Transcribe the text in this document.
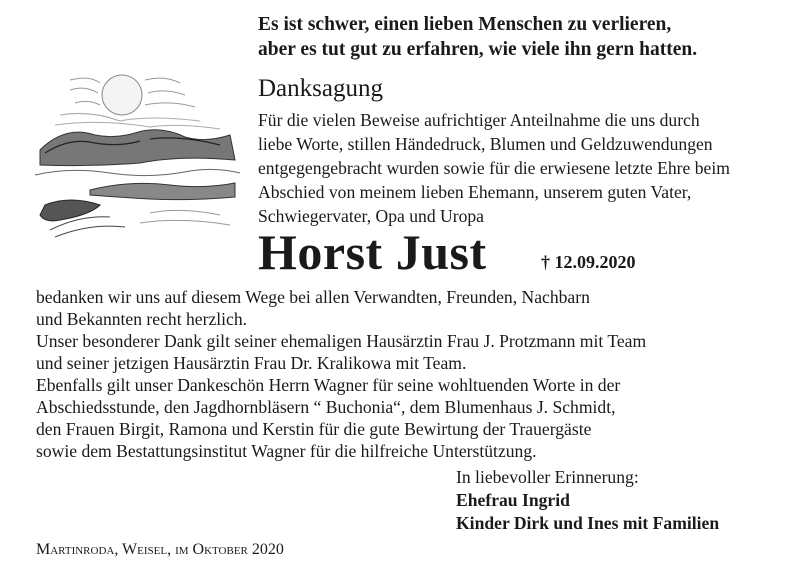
Es ist schwer, einen lieben Menschen zu verlieren,
aber es tut gut zu erfahren, wie viele ihn gern hatten.
Danksagung
Für die vielen Beweise aufrichtiger Anteilnahme die uns durch
liebe Worte, stillen Händedruck, Blumen und Geldzuwendungen
entgegengebracht wurden sowie für die erwiesene letzte Ehre beim
Abschied von meinem lieben Ehemann, unserem guten Vater,
Schwiegervater, Opa und Uropa
Horst Just	† 12.09.2020
bedanken wir uns auf diesem Wege bei allen Verwandten, Freunden, Nachbarn
und Bekannten recht herzlich.
Unser besonderer Dank gilt seiner ehemaligen Hausärztin Frau J. Protzmann mit Team
und seiner jetzigen Hausärztin Frau Dr. Kralikowa mit Team.
Ebenfalls gilt unser Dankeschön Herrn Wagner für seine wohltuenden Worte in der
Abschiedsstunde, den Jagdhornbläsern “ Buchonia“, dem Blumenhaus J. Schmidt,
den Frauen Birgit, Ramona und Kerstin für die gute Bewirtung der Trauergäste
sowie dem Bestattungsinstitut Wagner für die hilfreiche Unterstützung.
In liebevoller Erinnerung:
Ehefrau Ingrid
Kinder Dirk und Ines mit Familien
Martinroda, Weisel, im Oktober 2020
